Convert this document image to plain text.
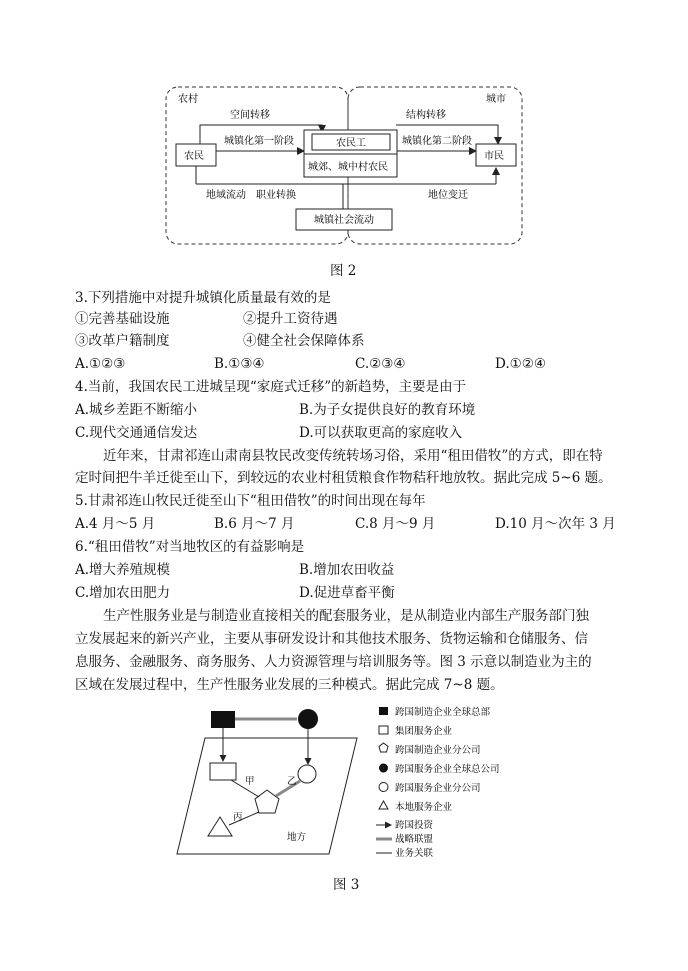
农村	城市
空间转移	结构转移
城镇化第一阶段	城镇化第二阶段
农民
农民工
城郊、城中村农民
市民
地域流动 职业转换	地位变迁
城镇社会流动
图 2
3.下列措施中对提升城镇化质量最有效的是
①完善基础设施	②提升工资待遇
③改革户籍制度	④健全社会保障体系
A.①②③	B.①③④	C.②③④	D.①②④
4.当前，我国农民工进城呈现“家庭式迁移”的新趋势，主要是由于
A.城乡差距不断缩小	B.为子女提供良好的教育环境
C.现代交通通信发达	D.可以获取更高的家庭收入
近年来，甘肃祁连山肃南县牧民改变传统转场习俗，采用“租田借牧”的方式，即在特
定时间把牛羊迁徙至山下，到较远的农业村租赁粮食作物秸秆地放牧。据此完成 5~6 题。
5.甘肃祁连山牧民迁徙至山下“租田借牧”的时间出现在每年
A.4 月～5 月	B.6 月～7 月	C.8 月～9 月	D.10 月～次年 3 月
6.“租田借牧”对当地牧区的有益影响是
A.增大养殖规模	B.增加农田收益
C.增加农田肥力	D.促进草畜平衡
生产性服务业是与制造业直接相关的配套服务业，是从制造业内部生产服务部门独
立发展起来的新兴产业，主要从事研发设计和其他技术服务、货物运输和仓储服务、信
息服务、金融服务、商务服务、人力资源管理与培训服务等。图 3 示意以制造业为主的
区域在发展过程中，生产性服务业发展的三种模式。据此完成 7~8 题。
地方
甲	乙
丙
跨国制造企业全球总部
集团服务企业
跨国制造企业分公司
跨国服务企业全球总公司
跨国服务企业分公司
本地服务企业
跨国投资
战略联盟
业务关联
图 3
